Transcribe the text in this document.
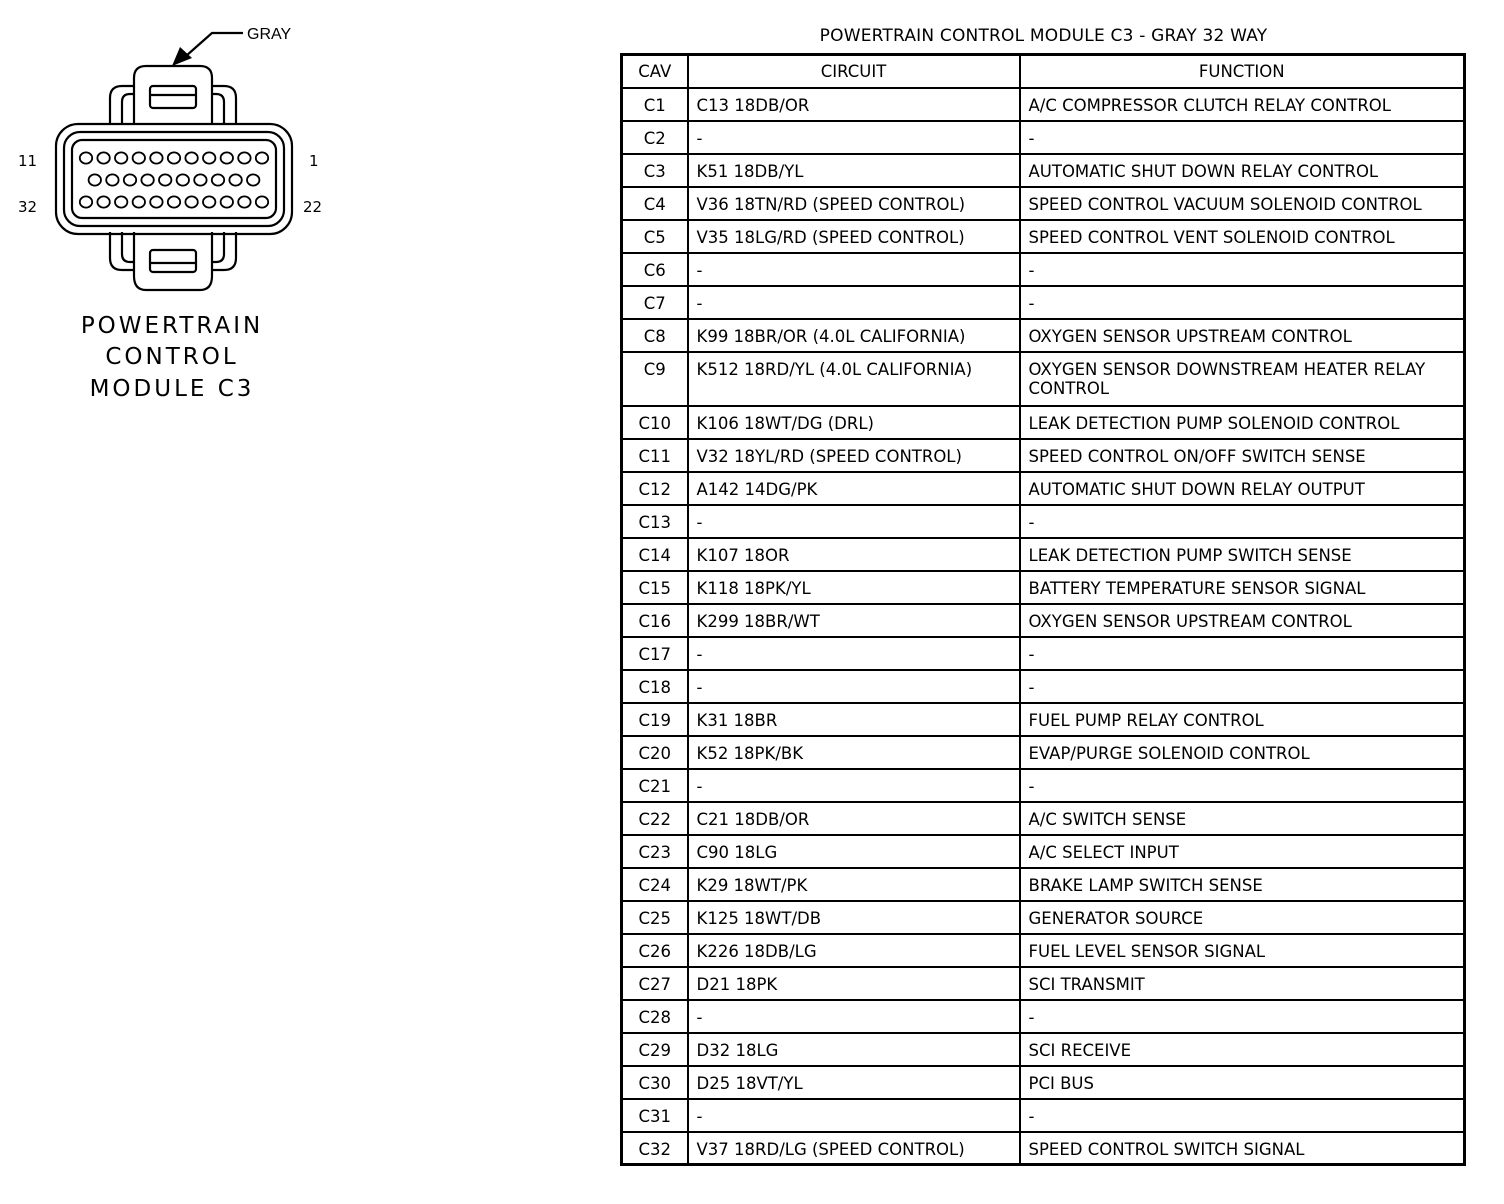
GRAY
11	1
32	22
POWERTRAIN
CONTROL
MODULE C3
POWERTRAIN CONTROL MODULE C3 - GRAY 32 WAY
CAV	CIRCUIT	FUNCTION
C1	C13 18DB/OR	A/C COMPRESSOR CLUTCH RELAY CONTROL
C2	-	-
C3	K51 18DB/YL	AUTOMATIC SHUT DOWN RELAY CONTROL
C4	V36 18TN/RD (SPEED CONTROL)	SPEED CONTROL VACUUM SOLENOID CONTROL
C5	V35 18LG/RD (SPEED CONTROL)	SPEED CONTROL VENT SOLENOID CONTROL
C6	-	-
C7	-	-
C8	K99 18BR/OR (4.0L CALIFORNIA)	OXYGEN SENSOR UPSTREAM CONTROL
C9	K512 18RD/YL (4.0L CALIFORNIA)	OXYGEN SENSOR DOWNSTREAM HEATER RELAY CONTROL
C10	K106 18WT/DG (DRL)	LEAK DETECTION PUMP SOLENOID CONTROL
C11	V32 18YL/RD (SPEED CONTROL)	SPEED CONTROL ON/OFF SWITCH SENSE
C12	A142 14DG/PK	AUTOMATIC SHUT DOWN RELAY OUTPUT
C13	-	-
C14	K107 18OR	LEAK DETECTION PUMP SWITCH SENSE
C15	K118 18PK/YL	BATTERY TEMPERATURE SENSOR SIGNAL
C16	K299 18BR/WT	OXYGEN SENSOR UPSTREAM CONTROL
C17	-	-
C18	-	-
C19	K31 18BR	FUEL PUMP RELAY CONTROL
C20	K52 18PK/BK	EVAP/PURGE SOLENOID CONTROL
C21	-	-
C22	C21 18DB/OR	A/C SWITCH SENSE
C23	C90 18LG	A/C SELECT INPUT
C24	K29 18WT/PK	BRAKE LAMP SWITCH SENSE
C25	K125 18WT/DB	GENERATOR SOURCE
C26	K226 18DB/LG	FUEL LEVEL SENSOR SIGNAL
C27	D21 18PK	SCI TRANSMIT
C28	-	-
C29	D32 18LG	SCI RECEIVE
C30	D25 18VT/YL	PCI BUS
C31	-	-
C32	V37 18RD/LG (SPEED CONTROL)	SPEED CONTROL SWITCH SIGNAL
